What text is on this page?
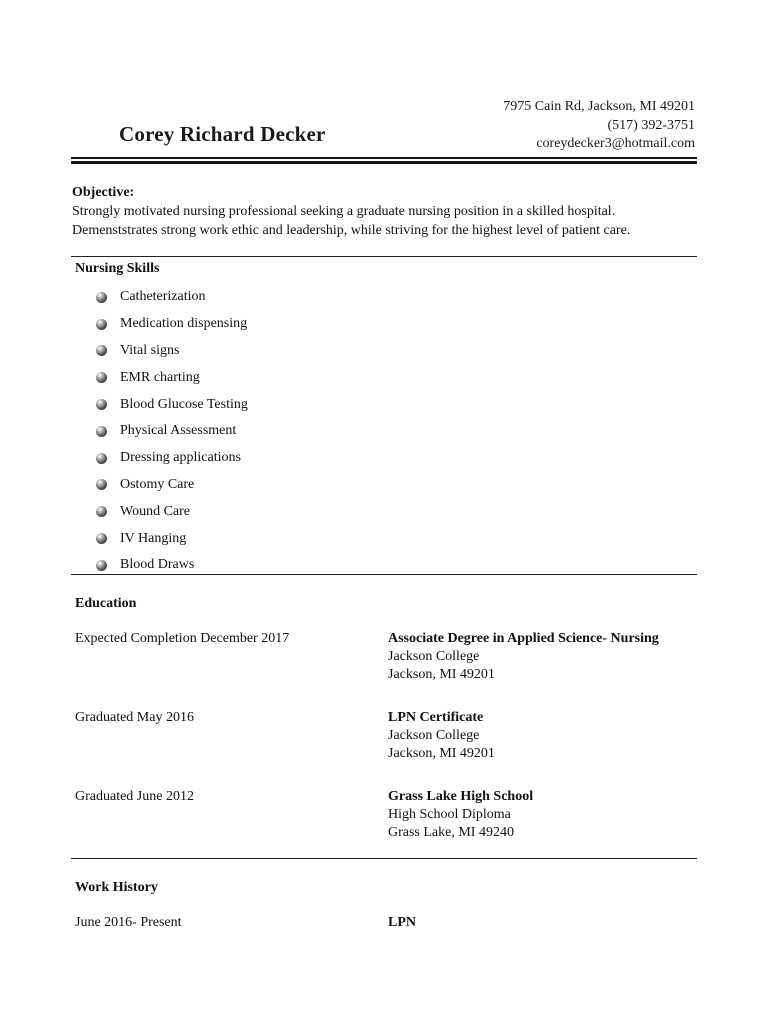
Corey Richard Decker
7975 Cain Rd, Jackson, MI 49201
(517) 392-3751
coreydecker3@hotmail.com
Objective:
Strongly motivated nursing professional seeking a graduate nursing position in a skilled hospital.
Demenststrates strong work ethic and leadership, while striving for the highest level of patient care.
Nursing Skills
Catheterization
Medication dispensing
Vital signs
EMR charting
Blood Glucose Testing
Physical Assessment
Dressing applications
Ostomy Care
Wound Care
IV Hanging
Blood Draws
Education
Expected Completion December 2017	Associate Degree in Applied Science- Nursing
Jackson College
Jackson, MI 49201
Graduated May 2016	LPN Certificate
Jackson College
Jackson, MI 49201
Graduated June 2012	Grass Lake High School
High School Diploma
Grass Lake, MI 49240
Work History
June 2016- Present	LPN
